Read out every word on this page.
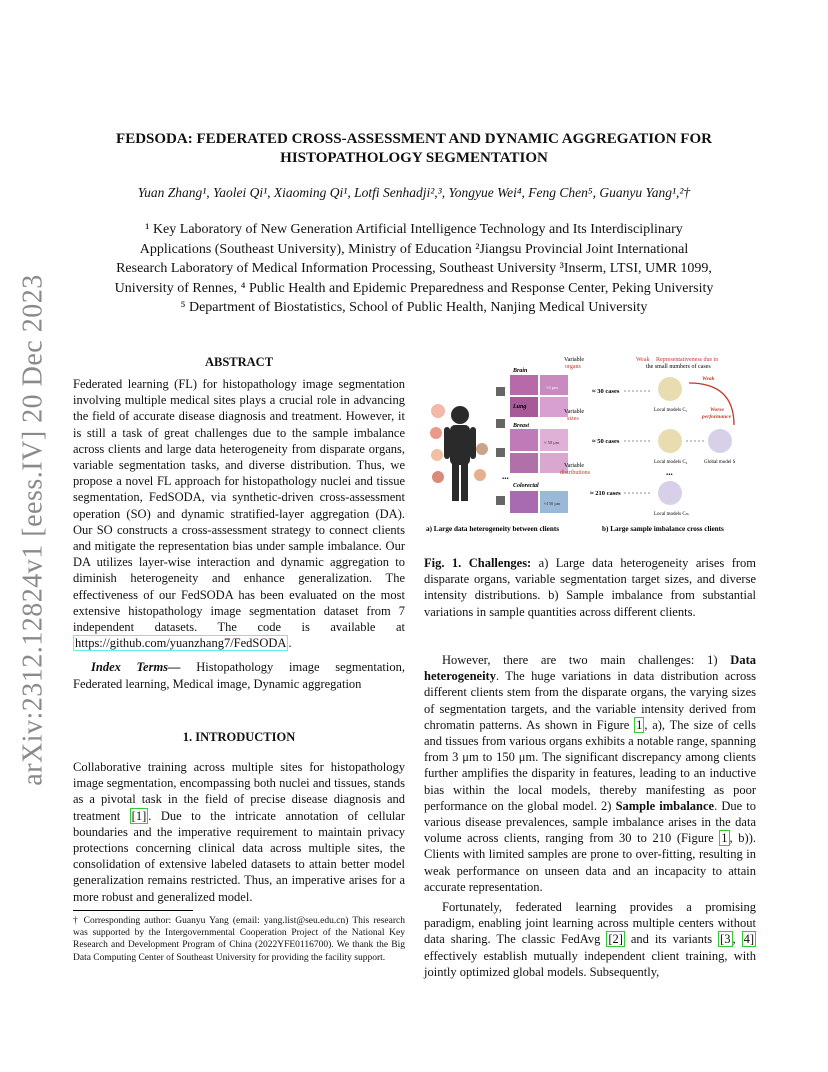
arXiv:2312.12824v1 [eess.IV] 20 Dec 2023
FEDSODA: FEDERATED CROSS-ASSESSMENT AND DYNAMIC AGGREGATION FOR
HISTOPATHOLOGY SEGMENTATION
Yuan Zhang¹, Yaolei Qi¹, Xiaoming Qi¹, Lotfi Senhadji²,³, Yongyue Wei⁴, Feng Chen⁵, Guanyu Yang¹,²†
¹ Key Laboratory of New Generation Artificial Intelligence Technology and Its Interdisciplinary
Applications (Southeast University), Ministry of Education ²Jiangsu Provincial Joint International
Research Laboratory of Medical Information Processing, Southeast University ³Inserm, LTSI, UMR 1099,
University of Rennes, ⁴ Public Health and Epidemic Preparedness and Response Center, Peking University
⁵ Department of Biostatistics, School of Public Health, Nanjing Medical University
ABSTRACT

Federated learning (FL) for histopathology image segmentation involving multiple medical sites plays a crucial role in advancing the field of accurate disease diagnosis and treatment. However, it is still a task of great challenges due to the sample imbalance across clients and large data heterogeneity from disparate organs, variable segmentation tasks, and diverse distribution. Thus, we propose a novel FL approach for histopathology nuclei and tissue segmentation, FedSODA, via synthetic-driven cross-assessment operation (SO) and dynamic stratified-layer aggregation (DA). Our SO constructs a cross-assessment strategy to connect clients and mitigate the representation bias under sample imbalance. Our DA utilizes layer-wise interaction and dynamic aggregation to diminish heterogeneity and enhance generalization. The effectiveness of our FedSODA has been evaluated on the most extensive histopathology image segmentation dataset from 7 independent datasets. The code is available at https://github.com/yuanzhang7/FedSODA .

Index Terms— Histopathology image segmentation, Federated learning, Medical image, Dynamic aggregation

1. INTRODUCTION

Collaborative training across multiple sites for histopathology image segmentation, encompassing both nuclei and tissues, stands as a pivotal task in the field of precise disease diagnosis and treatment [1] . Due to the intricate annotation of cellular boundaries and the imperative requirement to maintain privacy protections concerning clinical data across multiple sites, the consolidation of extensive labeled datasets to attain better model generalization remains restricted. Thus, an imperative arises for a more robust and generalized model.

† Corresponding author: Guanyu Yang (email: yang.list@seu.edu.cn) This research was supported by the Intergovernmental Cooperation Project of the National Key Research and Development Program of China (2022YFE0116700). We thank the Big Data Computing Center of Southeast University for providing the facility support.
Brain
Lung
Breast
Colorectal
...
≈3 μm
≈ 50 μm
≈150 μm
Variable
organs
Variable
sizes
Variable
distributions
Weak Representativeness due to
the small numbers of cases
≈ 30 cases
≈ 50 cases
≈ 210 cases
Local models C₁
Local models C₂
Local models Cₘ
Global model S
...
Weak
Worse
performance
a) Large data heterogeneity between clients	b) Large sample imbalance cross clients
Fig. 1. Challenges: a) Large data heterogeneity arises from disparate organs, variable segmentation target sizes, and diverse intensity distributions. b) Sample imbalance from substantial variations in sample quantities across different clients.

However, there are two main challenges: 1) Data heterogeneity. The huge variations in data distribution across different clients stem from the disparate organs, the varying sizes of segmentation targets, and the variable intensity derived from chromatin patterns. As shown in Figure 1 , a), The size of cells and tissues from various organs exhibits a notable range, spanning from 3 μm to 150 μm. The significant discrepancy among clients further amplifies the disparity in features, leading to an inductive bias within the local models, thereby manifesting as poor performance on the global model. 2) Sample imbalance. Due to various disease prevalences, sample imbalance arises in the data volume across clients, ranging from 30 to 210 (Figure 1 , b)). Clients with limited samples are prone to over-fitting, resulting in weak performance on unseen data and an incapacity to attain accurate representation.

Fortunately, federated learning provides a promising paradigm, enabling joint learning across multiple centers without data sharing. The classic FedAvg [2] and its variants [3 , 4] effectively establish mutually independent client training, with jointly optimized global models. Subsequently,
